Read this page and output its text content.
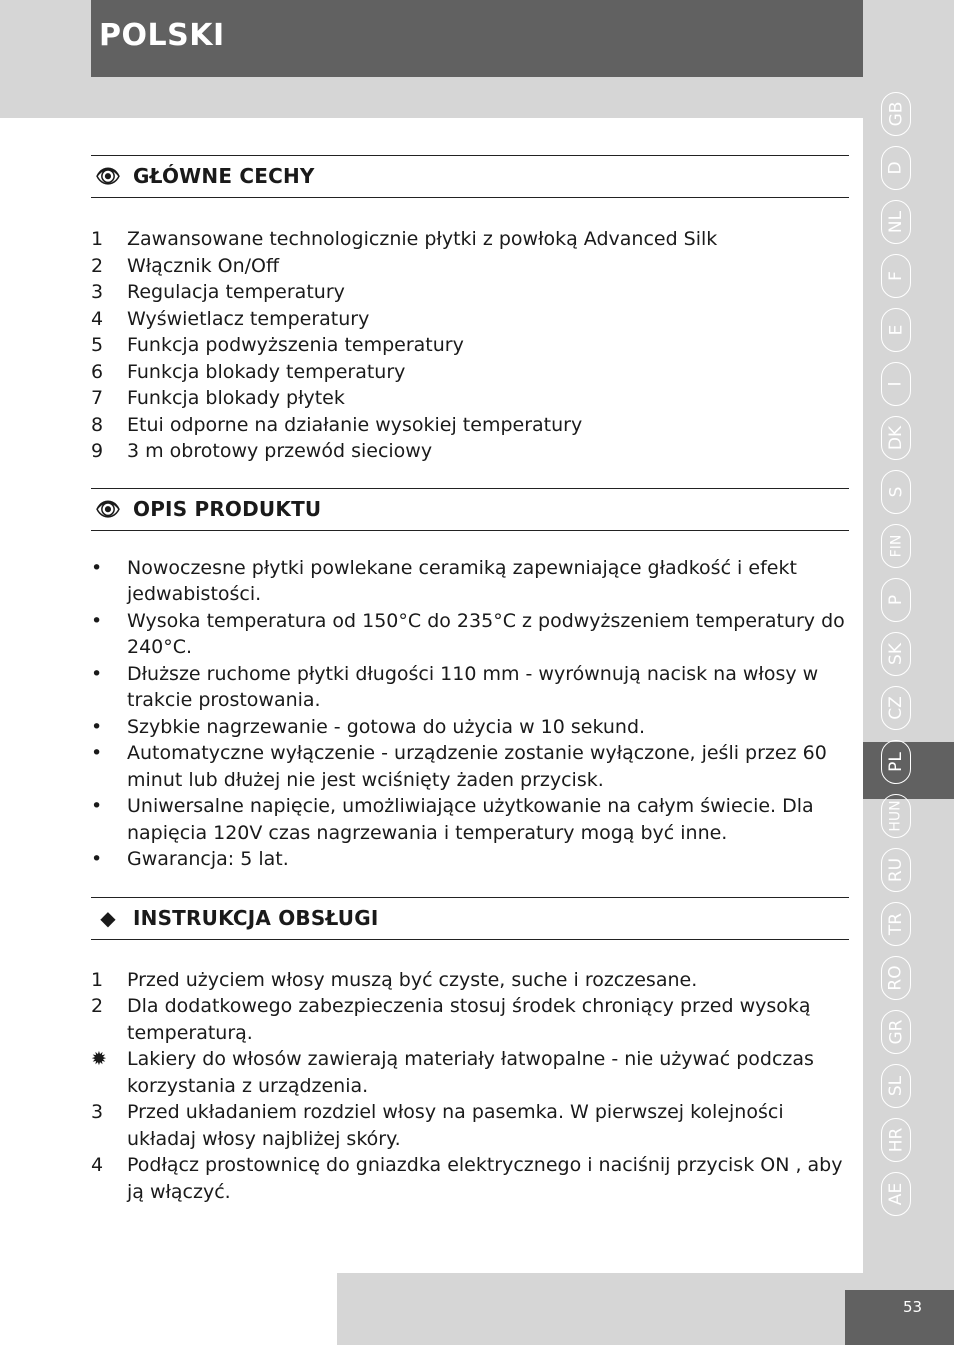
POLSKI
👁 GŁÓWNE CECHY
1	Zawansowane technologicznie płytki z powłoką Advanced Silk
2	Włącznik On/Off
3	Regulacja temperatury
4	Wyświetlacz temperatury
5	Funkcja podwyższenia temperatury
6	Funkcja blokady temperatury
7	Funkcja blokady płytek
8	Etui odporne na działanie wysokiej temperatury
9	3 m obrotowy przewód sieciowy
👁 OPIS PRODUKTU
•	Nowoczesne płytki powlekane ceramiką zapewniające gładkość i efekt jedwabistości.
•	Wysoka temperatura od 150°C do 235°C z podwyższeniem temperatury do 240°C.
•	Dłuższe ruchome płytki długości 110 mm - wyrównują nacisk na włosy w trakcie prostowania.
•	Szybkie nagrzewanie - gotowa do użycia w 10 sekund.
•	Automatyczne wyłączenie - urządzenie zostanie wyłączone, jeśli przez 60 minut lub dłużej nie jest wciśnięty żaden przycisk.
•	Uniwersalne napięcie, umożliwiające użytkowanie na całym świecie. Dla napięcia 120V czas nagrzewania i temperatury mogą być inne.
•	Gwarancja: 5 lat.
◆ INSTRUKCJA OBSŁUGI
1	Przed użyciem włosy muszą być czyste, suche i rozczesane.
2	Dla dodatkowego zabezpieczenia stosuj środek chroniący przed wysoką temperaturą.
✹	Lakiery do włosów zawierają materiały łatwopalne - nie używać podczas korzystania z urządzenia.
3	Przed układaniem rozdziel włosy na pasemka. W pierwszej kolejności układaj włosy najbliżej skóry.
4	Podłącz prostownicę do gniazdka elektrycznego i naciśnij przycisk ON , aby ją włączyć.
GB
D
NL
F
E
I
DK
S
FIN
P
SK
CZ
PL
HUN
RU
TR
RO
GR
SL
HR
AE
53
